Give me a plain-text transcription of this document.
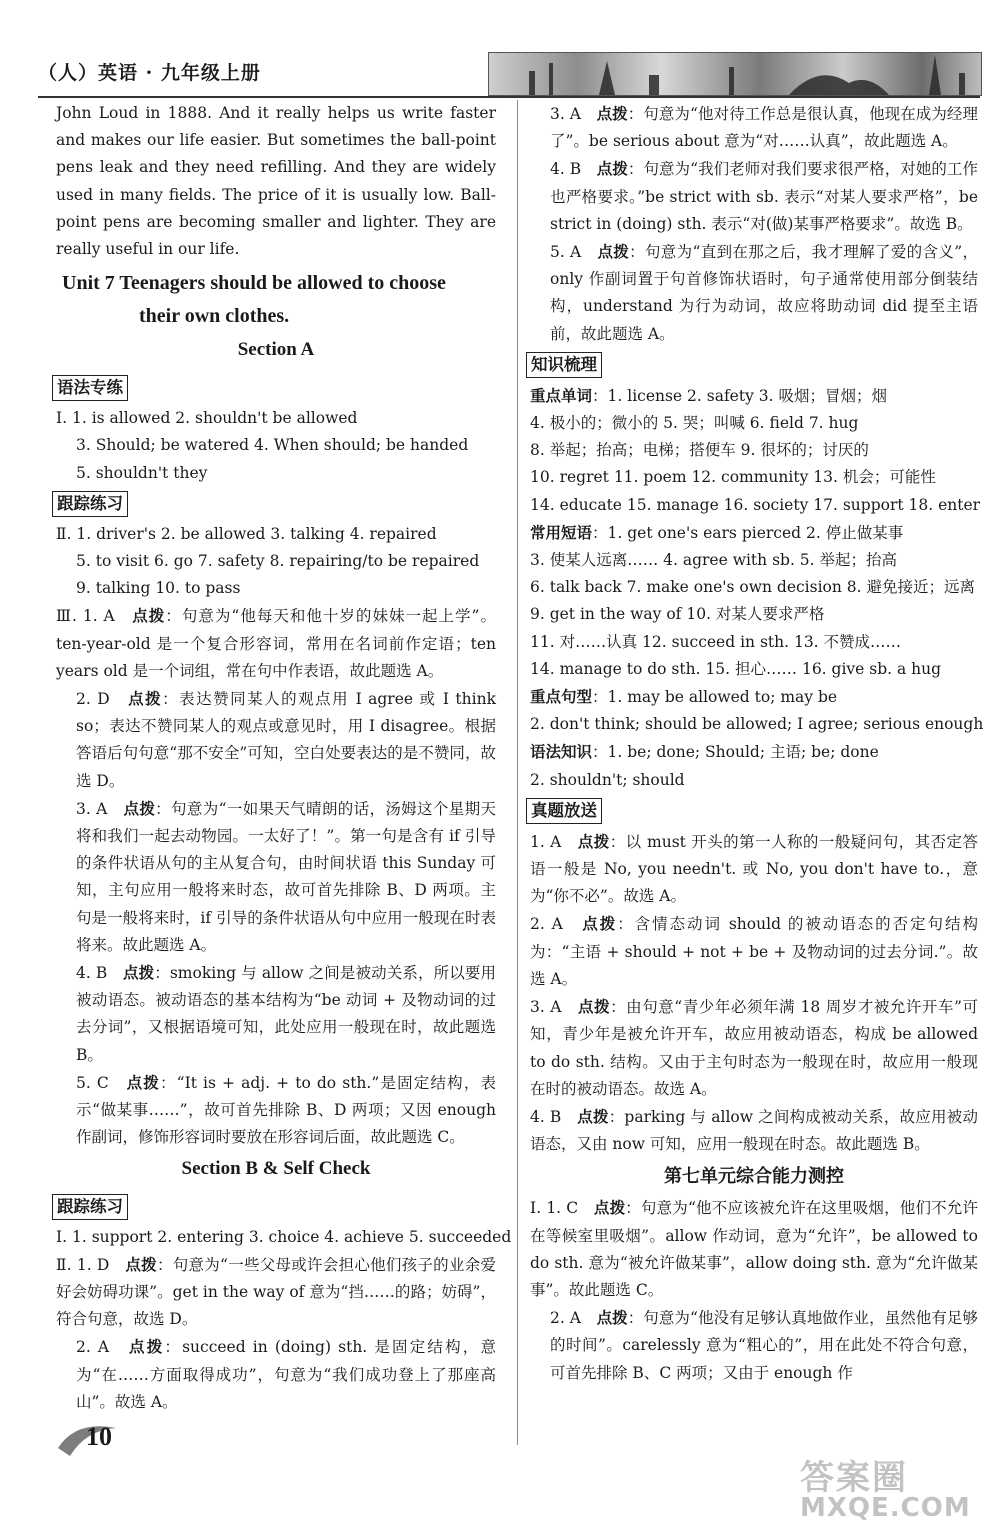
（人）英语 · 九年级上册

John Loud in 1888. And it really helps us write faster and makes our life easier. But sometimes the ball-point pens leak and they need refilling. And they are widely used in many fields. The price of it is usually low. Ball-point pens are becoming smaller and lighter. They are really useful in our life.

Unit 7 Teenagers should be allowed to choose
their own clothes.
Section A
语法专练

Ⅰ. 1. is allowed 2. shouldn't be allowed

3. Should; be watered 4. When should; be handed

5. shouldn't they

跟踪练习

Ⅱ. 1. driver's 2. be allowed 3. talking 4. repaired

5. to visit 6. go 7. safety 8. repairing/to be repaired

9. talking 10. to pass

Ⅲ. 1. A　 点拨：句意为“他每天和他十岁的妹妹一起上学”。ten-year-old 是一个复合形容词，常用在名词前作定语；ten years old 是一个词组，常在句中作表语，故此题选 A。

2. D　 点拨：表达赞同某人的观点用 I agree 或 I think so；表达不赞同某人的观点或意见时，用 I disagree。根据答语后句句意“那不安全”可知，空白处要表达的是不赞同，故选 D。

3. A　 点拨：句意为“一如果天气晴朗的话，汤姆这个星期天将和我们一起去动物园。一太好了！”。第一句是含有 if 引导的条件状语从句的主从复合句，由时间状语 this Sunday 可知，主句应用一般将来时态，故可首先排除 B、D 两项。主句是一般将来时，if 引导的条件状语从句中应用一般现在时表将来。故此题选 A。

4. B　 点拨：smoking 与 allow 之间是被动关系，所以要用被动语态。被动语态的基本结构为“be 动词 + 及物动词的过去分词”，又根据语境可知，此处应用一般现在时，故此题选 B。

5. C　 点拨：“It is + adj. + to do sth.”是固定结构，表示“做某事……”，故可首先排除 B、D 两项；又因 enough 作副词，修饰形容词时要放在形容词后面，故此题选 C。

Section B & Self Check
跟踪练习

Ⅰ. 1. support 2. entering 3. choice 4. achieve 5. succeeded

Ⅱ. 1. D　 点拨：句意为“一些父母或许会担心他们孩子的业余爱好会妨碍功课”。get in the way of 意为“挡……的路；妨碍”，符合句意，故选 D。

2. A　 点拨：succeed in (doing) sth. 是固定结构，意为“在……方面取得成功”，句意为“我们成功登上了那座高山”。故选 A。

3. A　 点拨：句意为“他对待工作总是很认真，他现在成为经理了”。be serious about 意为“对……认真”，故此题选 A。

4. B　 点拨：句意为“我们老师对我们要求很严格，对她的工作也严格要求。”be strict with sb. 表示“对某人要求严格”，be strict in (doing) sth. 表示“对(做)某事严格要求”。故选 B。

5. A　 点拨：句意为“直到在那之后，我才理解了爱的含义”，only 作副词置于句首修饰状语时，句子通常使用部分倒装结构，understand 为行为动词，故应将助动词 did 提至主语前，故此题选 A。

知识梳理

重点单词：1. license 2. safety 3. 吸烟；冒烟；烟

4. 极小的；微小的 5. 哭；叫喊 6. field 7. hug

8. 举起；抬高；电梯；搭便车 9. 很坏的；讨厌的

10. regret 11. poem 12. community 13. 机会；可能性

14. educate 15. manage 16. society 17. support 18. enter

常用短语：1. get one's ears pierced 2. 停止做某事

3. 使某人远离…… 4. agree with sb. 5. 举起；抬高

6. talk back 7. make one's own decision 8. 避免接近；远离

9. get in the way of 10. 对某人要求严格

11. 对……认真 12. succeed in sth. 13. 不赞成……

14. manage to do sth. 15. 担心…… 16. give sb. a hug

重点句型：1. may be allowed to; may be

2. don't think; should be allowed; I agree; serious enough

语法知识：1. be; done; Should; 主语; be; done

2. shouldn't; should

真题放送

1. A　 点拨：以 must 开头的第一人称的一般疑问句，其否定答语一般是 No, you needn't. 或 No, you don't have to.，意为“你不必”。故选 A。

2. A　 点拨：含情态动词 should 的被动语态的否定句结构为：“主语 + should + not + be + 及物动词的过去分词.”。故选 A。

3. A　 点拨：由句意“青少年必须年满 18 周岁才被允许开车”可知，青少年是被允许开车，故应用被动语态，构成 be allowed to do sth. 结构。又由于主句时态为一般现在时，故应用一般现在时的被动语态。故选 A。

4. B　 点拨：parking 与 allow 之间构成被动关系，故应用被动语态，又由 now 可知，应用一般现在时态。故此题选 B。

第七单元综合能力测控

Ⅰ. 1. C　 点拨：句意为“他不应该被允许在这里吸烟，他们不允许在等候室里吸烟”。allow 作动词，意为“允许”，be allowed to do sth. 意为“被允许做某事”，allow doing sth. 意为“允许做某事”。故此题选 C。

2. A　 点拨：句意为“他没有足够认真地做作业，虽然他有足够的时间”。carelessly 意为“粗心的”，用在此处不符合句意，可首先排除 B、C 两项；又由于 enough 作

10
答案圈
MXQE.COM
